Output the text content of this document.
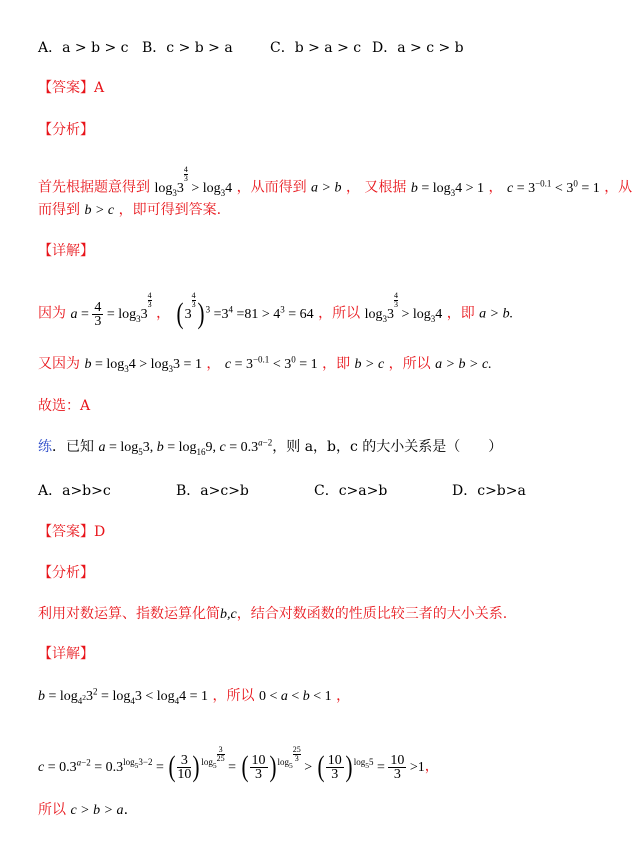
A．a > b > c B．c > b > a	C．b > a > c D．a > c > b
【答案】A
【分析】
首先根据题意得到 $\log_33$
$^{\frac{4}{3}}$
> $\log_34$ ，从而得到 a > b ， 又根据 $b = \log_34 > 1$ ， $c = 3^{-0.1} < 3^0 = 1$ ，从
而得到 b > c ，即可得到答案.
【详解】
因为 $a = \frac{4}{3} = \log_33$
$^{\frac{4}{3}}$
， ( 3
$^{\frac{4}{3}}$ ) $^3 =3^4 =81 > 4^3 = 64$ ，所以 $\log_33$
$^{\frac{4}{3}}$
> $\log_34$ ，即 a > b.
又因为 $b = \log_34 > \log_33 = 1$ ， $c = 3^{-0.1} < 3^0 = 1$ ，即 b > c ，所以 a > b > c.
故选：A
练．已知 $a = \log_53$, $b = \log_{16}9$, $c = 0.3^{a-2}$，则 a，b，c 的大小关系是（　　）
A．a>b>c	B．a>c>b	C．c>a>b	D．c>b>a
【答案】D
【分析】
利用对数运算、指数运算化简b,c，结合对数函数的性质比较三者的大小关系.
【详解】
$b = \log_{4^2}3^2 = \log_43 < \log_44 = 1$ ，所以 0 < a < b < 1 ，
$c = 0.3^{a-2} = 0.3^{log_53-2}$ = ( $\frac{3}{10}$ ) $^{log_5 \frac{3}{25}}$
= ( $\frac{10}{3}$ ) $^{log_5 \frac{25}{3}}$
> ( $\frac{10}{3}$ ) $^{log_55} = \frac{10}{3} >1$，
所以 c > b > a.
